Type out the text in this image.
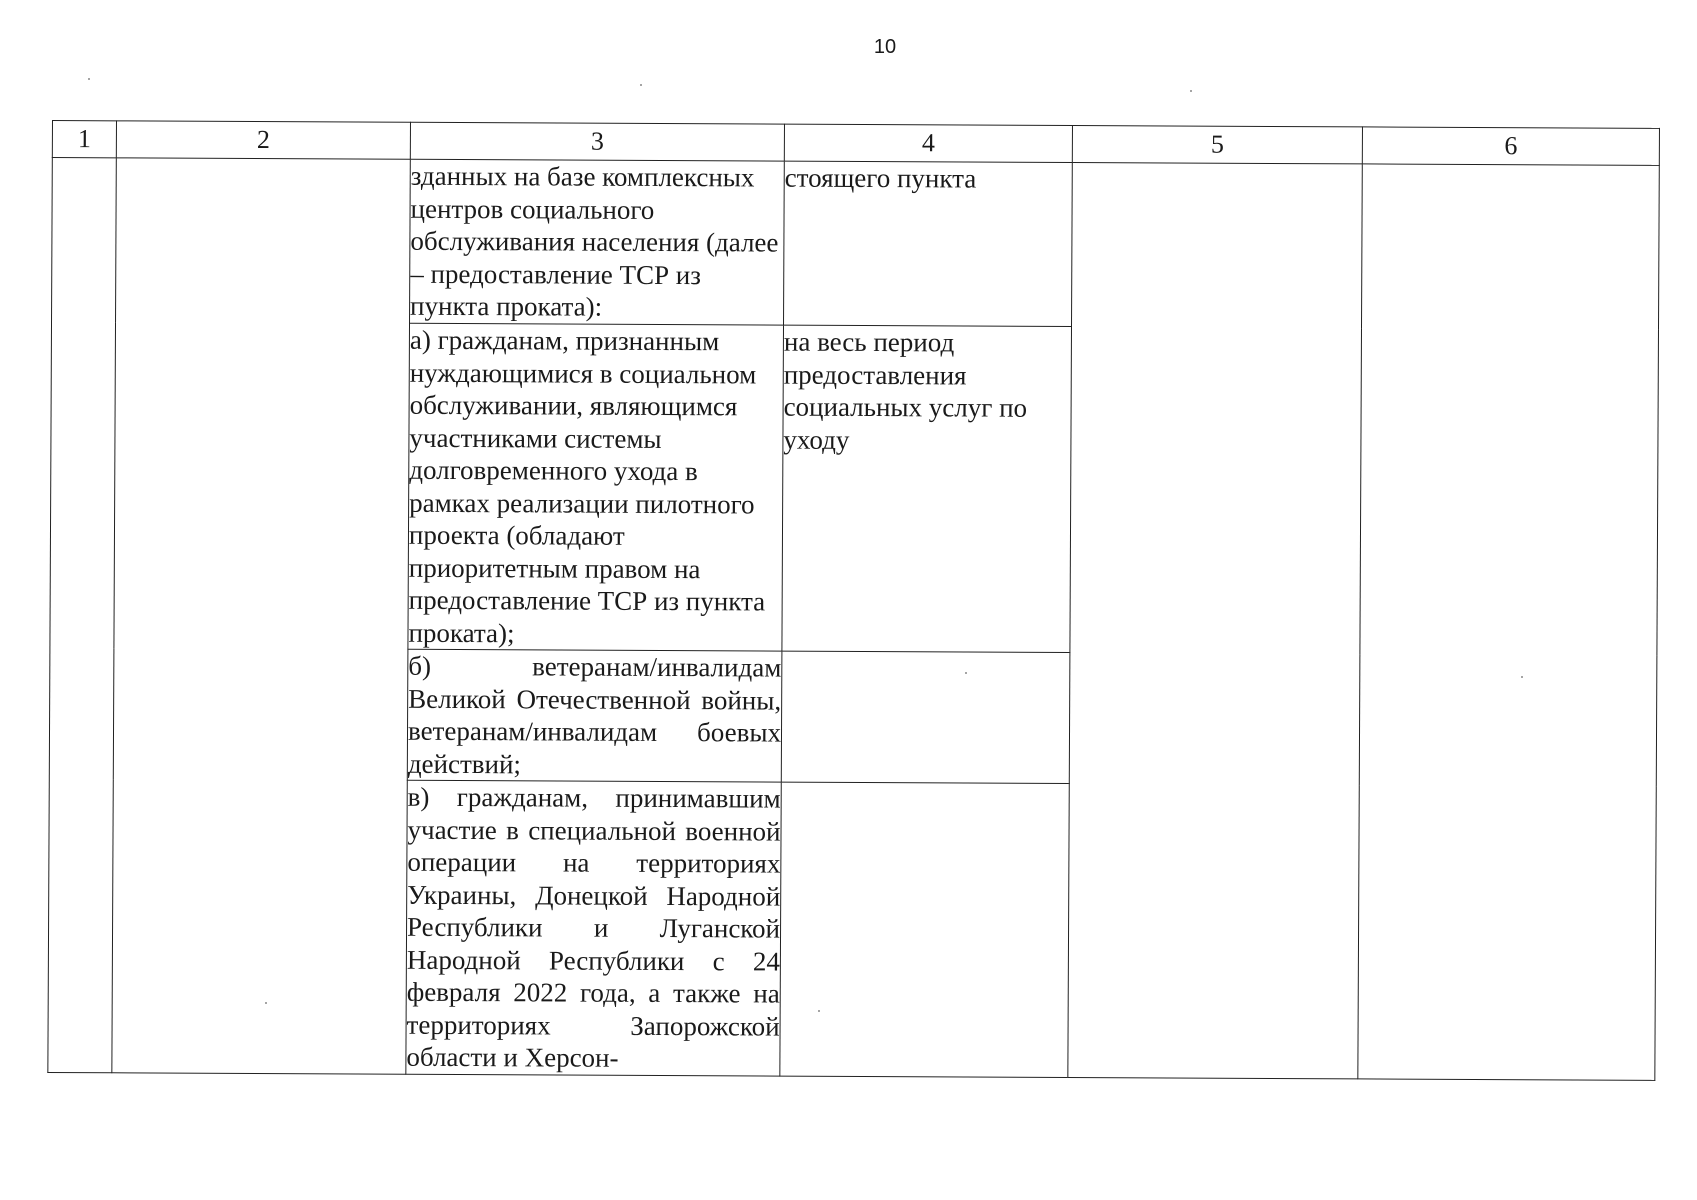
10
1	2	3	4	5	6
		зданных на базе комплексных центров социального обслуживания населения (далее – предоставление ТСР из пункта проката):	стоящего пункта		
		а) гражданам, признанным нуждающимися в социальном обслуживании, являющимся участниками системы долговременного ухода в рамках реализации пилотного проекта (обладают приоритетным правом на предоставление ТСР из пункта проката);	на весь период предоставления социальных услуг по уходу		
		б) ветеранам/инвалидам Великой Отечественной войны, ветеранам/инвалидам боевых действий;			
		в) гражданам, принимавшим участие в специальной военной операции на территориях Украины, Донецкой Народной Республики и Луганской Народной Республики с 24 февраля 2022 года, а также на территориях Запорожской области и Херсон-			
